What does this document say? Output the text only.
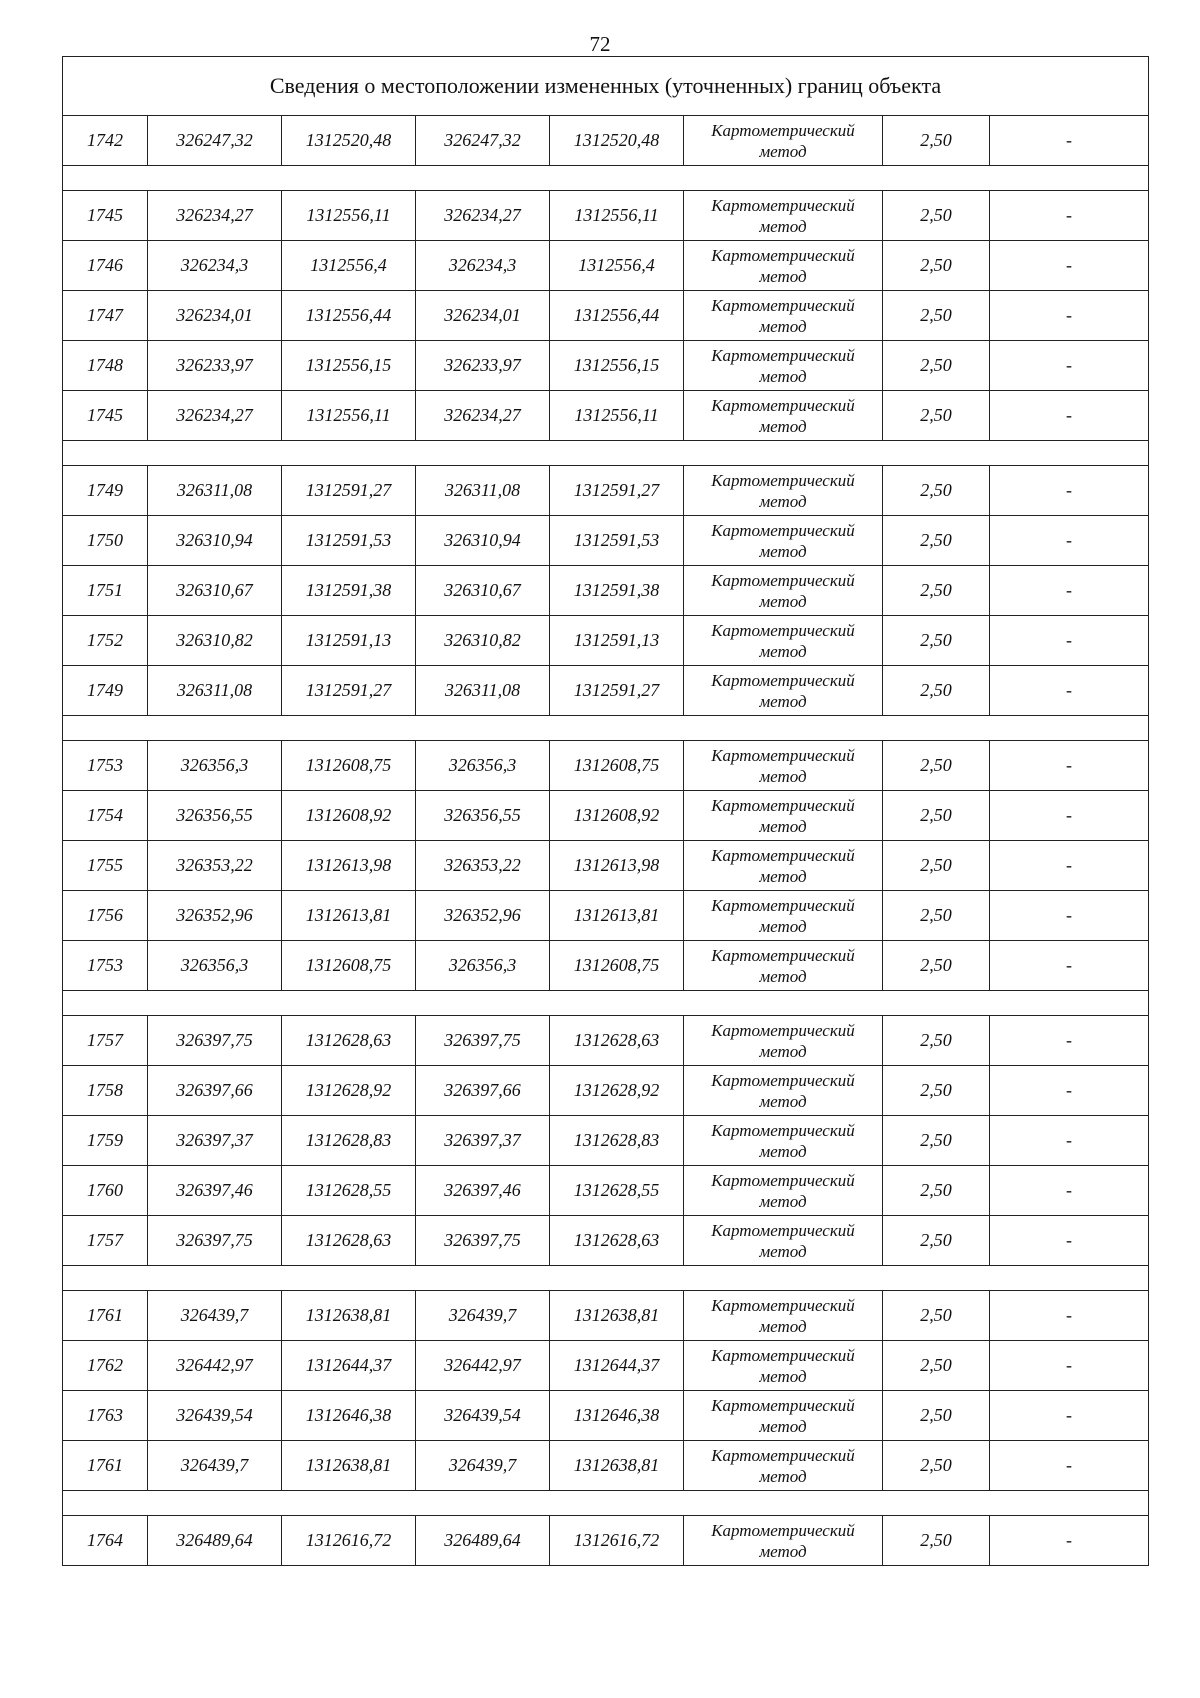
72
Сведения о местоположении измененных (уточненных) границ объекта							
1742	326247,32	1312520,48	326247,32	1312520,48	Картометрический
метод	2,50	-

1745	326234,27	1312556,11	326234,27	1312556,11	Картометрический
метод	2,50	-
1746	326234,3	1312556,4	326234,3	1312556,4	Картометрический
метод	2,50	-
1747	326234,01	1312556,44	326234,01	1312556,44	Картометрический
метод	2,50	-
1748	326233,97	1312556,15	326233,97	1312556,15	Картометрический
метод	2,50	-
1745	326234,27	1312556,11	326234,27	1312556,11	Картометрический
метод	2,50	-

1749	326311,08	1312591,27	326311,08	1312591,27	Картометрический
метод	2,50	-
1750	326310,94	1312591,53	326310,94	1312591,53	Картометрический
метод	2,50	-
1751	326310,67	1312591,38	326310,67	1312591,38	Картометрический
метод	2,50	-
1752	326310,82	1312591,13	326310,82	1312591,13	Картометрический
метод	2,50	-
1749	326311,08	1312591,27	326311,08	1312591,27	Картометрический
метод	2,50	-

1753	326356,3	1312608,75	326356,3	1312608,75	Картометрический
метод	2,50	-
1754	326356,55	1312608,92	326356,55	1312608,92	Картометрический
метод	2,50	-
1755	326353,22	1312613,98	326353,22	1312613,98	Картометрический
метод	2,50	-
1756	326352,96	1312613,81	326352,96	1312613,81	Картометрический
метод	2,50	-
1753	326356,3	1312608,75	326356,3	1312608,75	Картометрический
метод	2,50	-

1757	326397,75	1312628,63	326397,75	1312628,63	Картометрический
метод	2,50	-
1758	326397,66	1312628,92	326397,66	1312628,92	Картометрический
метод	2,50	-
1759	326397,37	1312628,83	326397,37	1312628,83	Картометрический
метод	2,50	-
1760	326397,46	1312628,55	326397,46	1312628,55	Картометрический
метод	2,50	-
1757	326397,75	1312628,63	326397,75	1312628,63	Картометрический
метод	2,50	-

1761	326439,7	1312638,81	326439,7	1312638,81	Картометрический
метод	2,50	-
1762	326442,97	1312644,37	326442,97	1312644,37	Картометрический
метод	2,50	-
1763	326439,54	1312646,38	326439,54	1312646,38	Картометрический
метод	2,50	-
1761	326439,7	1312638,81	326439,7	1312638,81	Картометрический
метод	2,50	-

1764	326489,64	1312616,72	326489,64	1312616,72	Картометрический
метод	2,50	-
